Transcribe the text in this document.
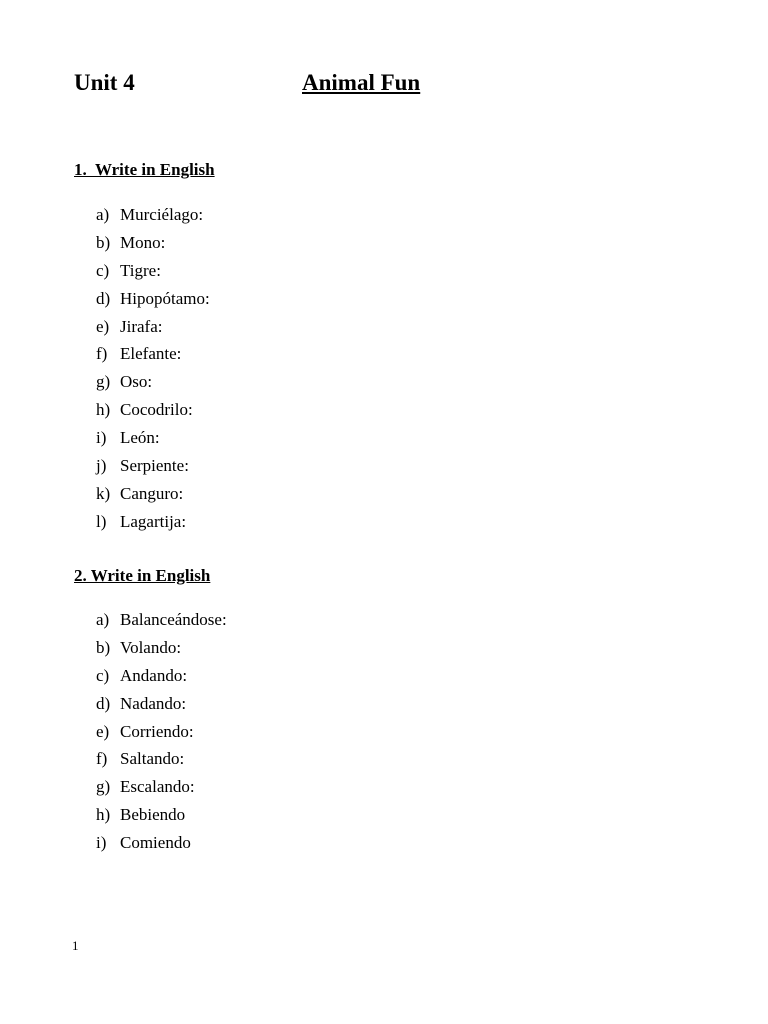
Unit 4	Animal Fun
1.  Write in English
a) Murciélago:
b) Mono:
c) Tigre:
d) Hipopótamo:
e) Jirafa:
f) Elefante:
g) Oso:
h) Cocodrilo:
i) León:
j) Serpiente:
k) Canguro:
l) Lagartija:
2. Write in English
a) Balanceándose:
b) Volando:
c) Andando:
d) Nadando:
e) Corriendo:
f) Saltando:
g) Escalando:
h) Bebiendo
i) Comiendo
1
